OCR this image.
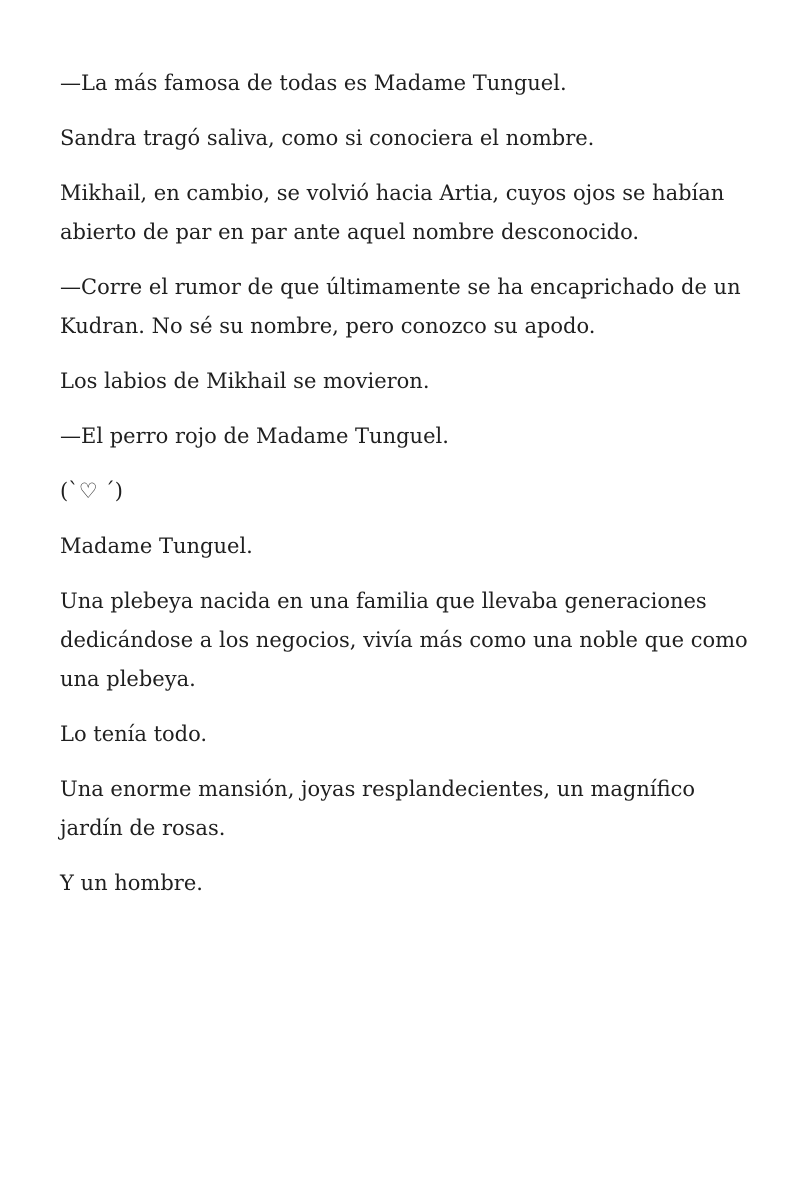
—La más famosa de todas es Madame Tunguel.

Sandra tragó saliva, como si conociera el nombre.

Mikhail, en cambio, se volvió hacia Artia, cuyos ojos se habían abierto de par en par ante aquel nombre desconocido.

—Corre el rumor de que últimamente se ha encaprichado de un Kudran. No sé su nombre, pero conozco su apodo.

Los labios de Mikhail se movieron.

—El perro rojo de Madame Tunguel.

(`♡ ´)

Madame Tunguel.

Una plebeya nacida en una familia que llevaba generaciones dedicándose a los negocios, vivía más como una noble que como una plebeya.

Lo tenía todo.

Una enorme mansión, joyas resplandecientes, un magnífico jardín de rosas.

Y un hombre.
